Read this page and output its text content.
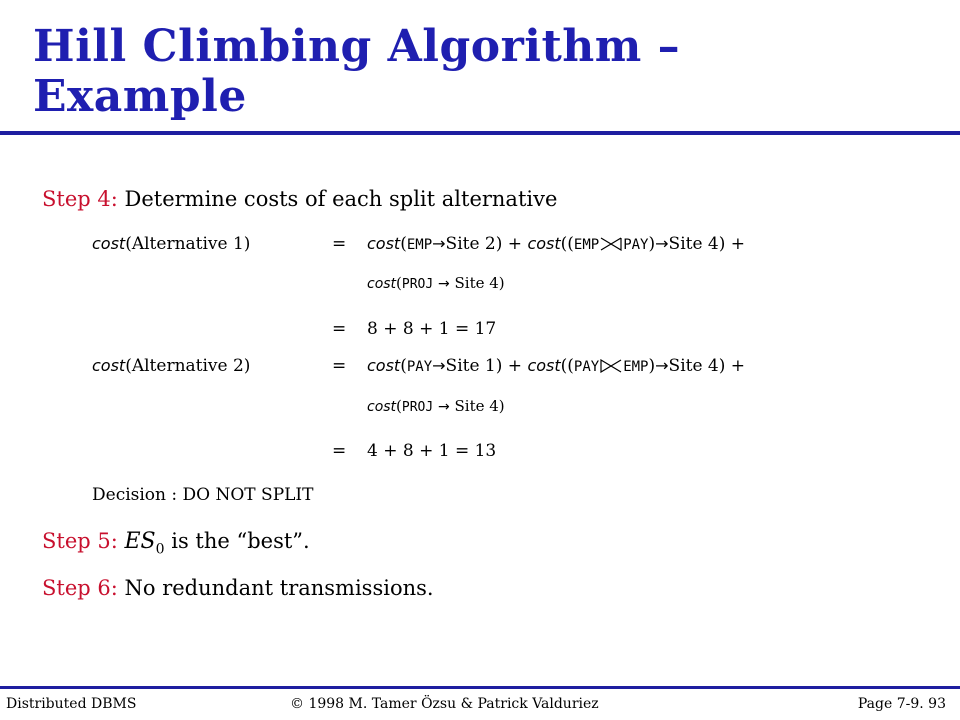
Hill Climbing Algorithm –
Example
Step 4: Determine costs of each split alternative
cost(Alternative 1)	= cost(EMP→Site 2) + cost((EMP PAY)→Site 4) +
cost(PROJ → Site 4)
= 8 + 8 + 1 = 17
cost(Alternative 2)	= cost(PAY→Site 1) + cost((PAY EMP)→Site 4) +
cost(PROJ → Site 4)
= 4 + 8 + 1 = 13
Decision : DO NOT SPLIT
Step 5: $ES_0$ is the “best”.
Step 6: No redundant transmissions.
Distributed DBMS	© 1998 M. Tamer Özsu & Patrick Valduriez	Page 7-9. 93
